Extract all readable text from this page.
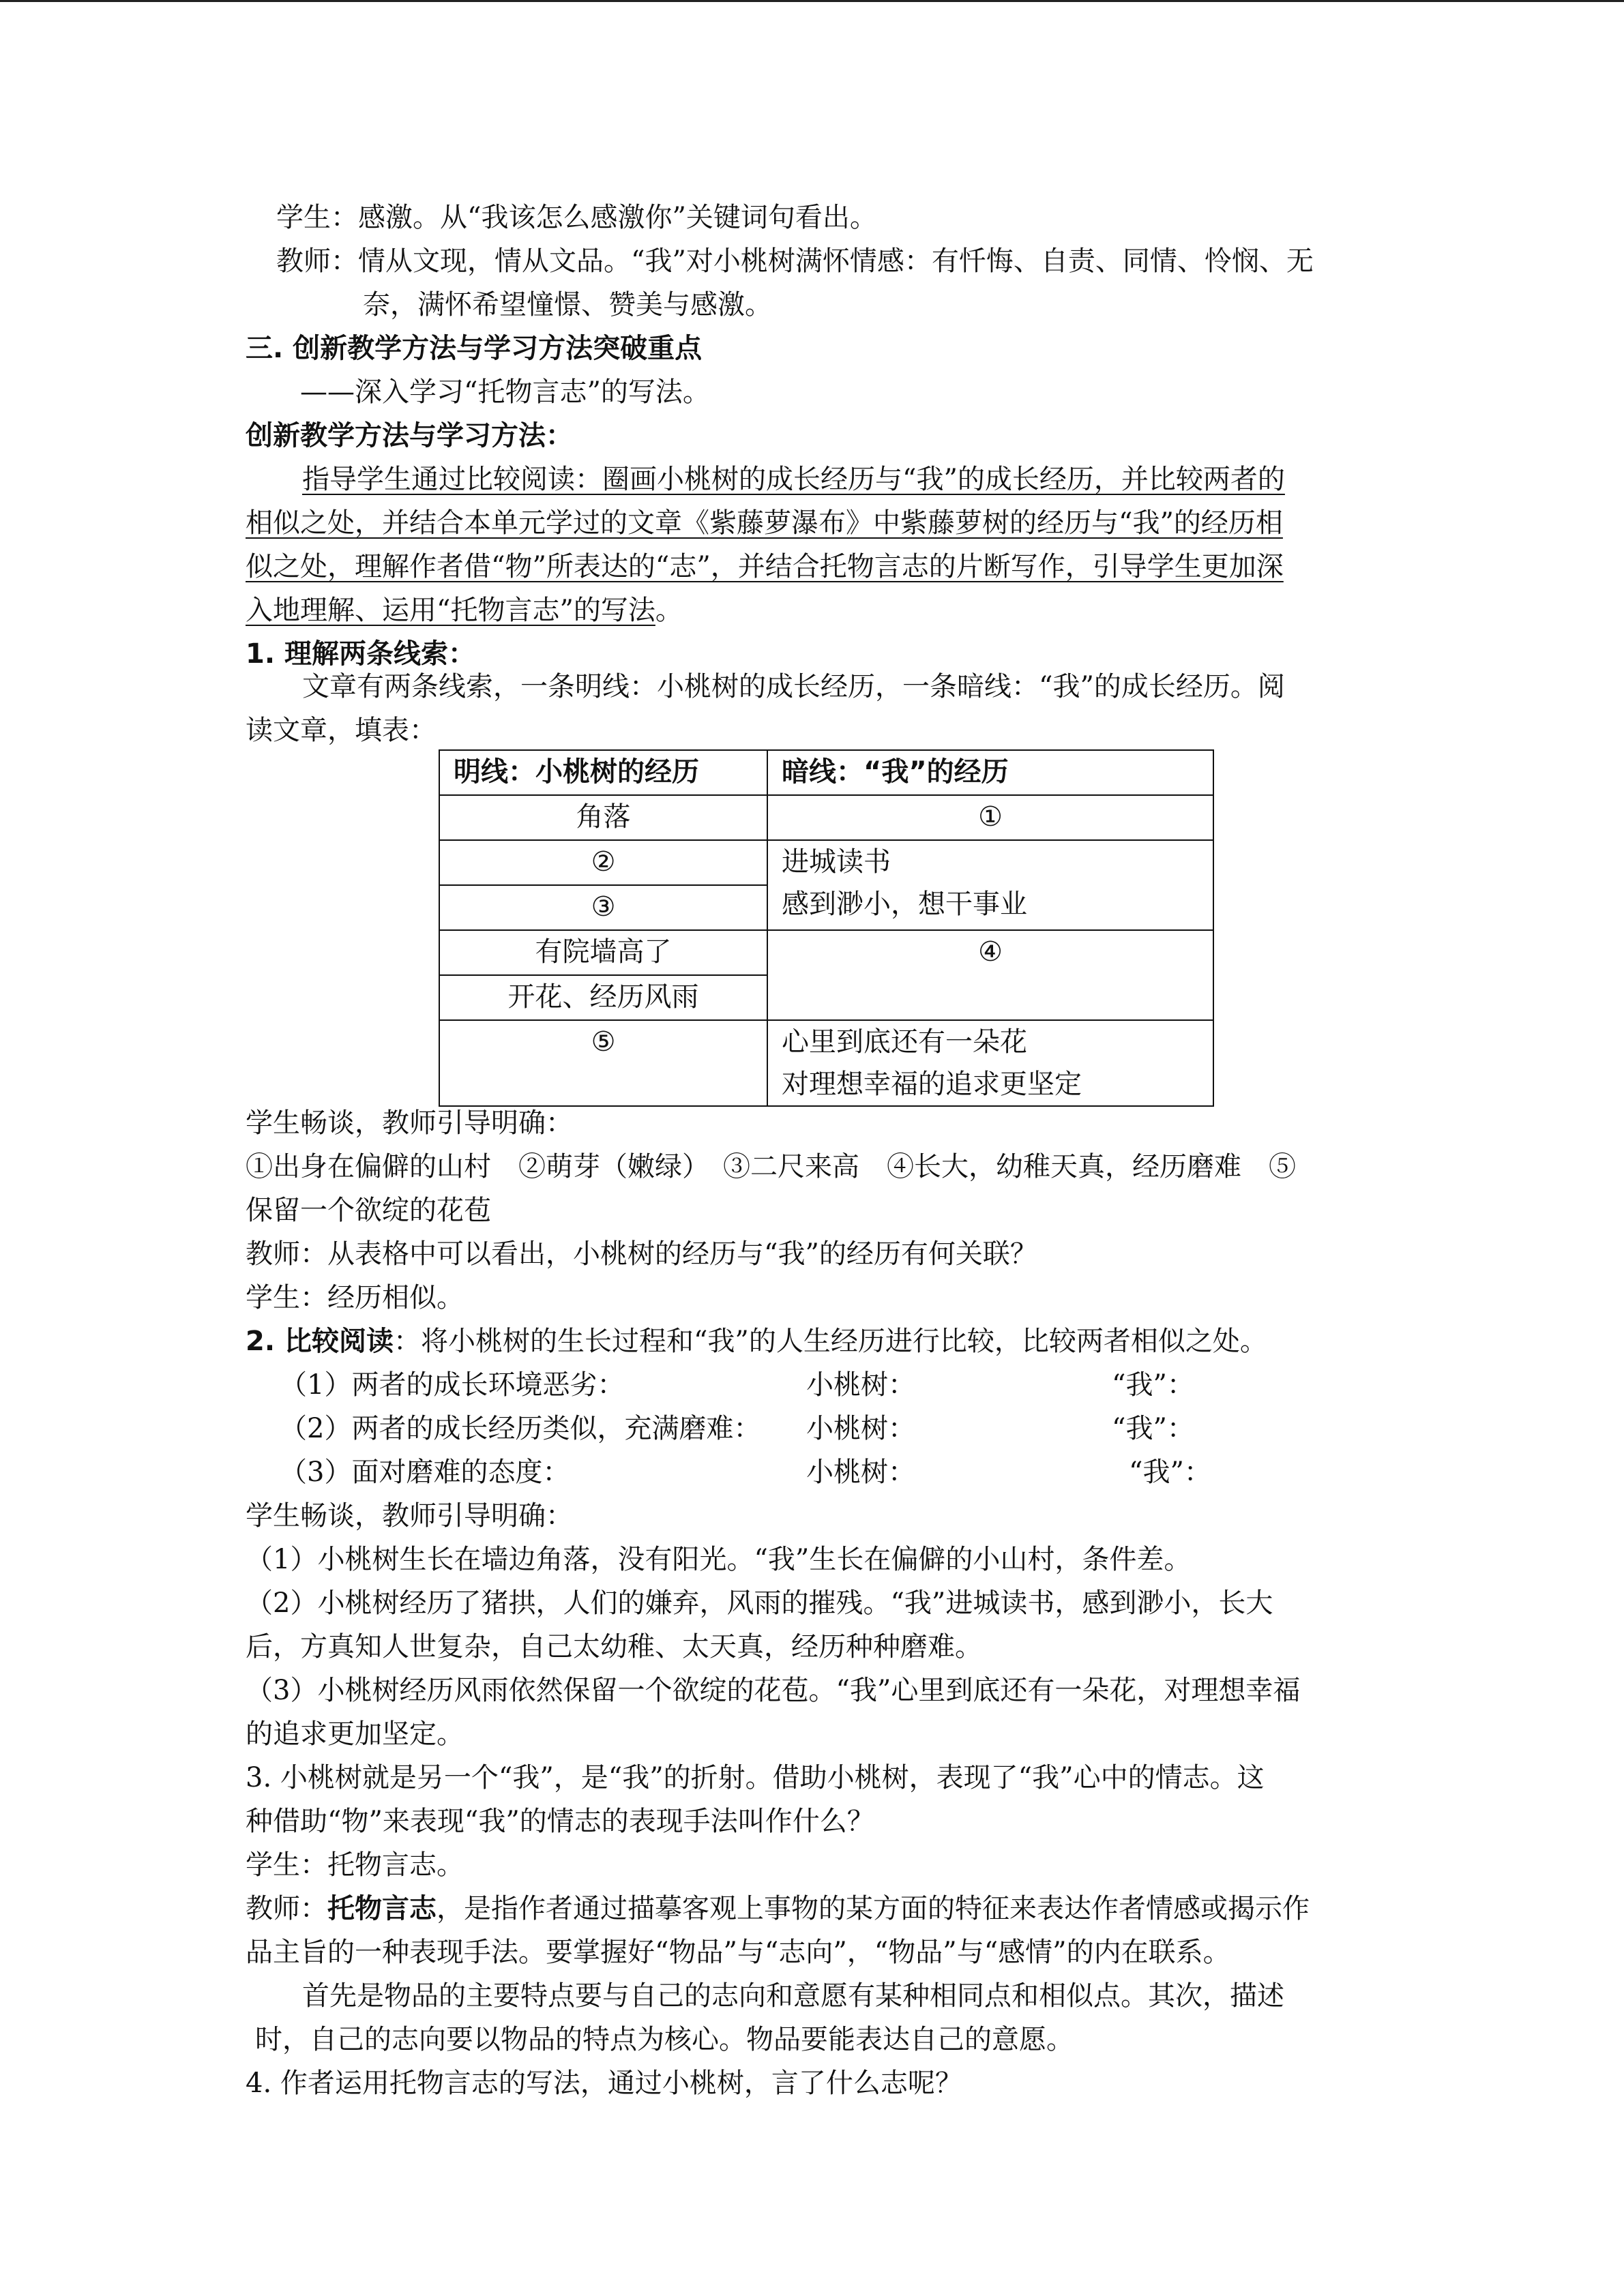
学生：感激。从“我该怎么感激你”关键词句看出。
教师：情从文现，情从文品。“我”对小桃树满怀情感：有忏悔、自责、同情、怜悯、无
奈，满怀希望憧憬、赞美与感激。
三. 创新教学方法与学习方法突破重点
——深入学习“托物言志”的写法。
创新教学方法与学习方法：
指导学生通过比较阅读：圈画小桃树的成长经历与“我”的成长经历，并比较两者的
相似之处，并结合本单元学过的文章《紫藤萝瀑布》中紫藤萝树的经历与“我”的经历相
似之处，理解作者借“物”所表达的“志”，并结合托物言志的片断写作，引导学生更加深
入地理解、运用“托物言志”的写法。
1. 理解两条线索：
文章有两条线索，一条明线：小桃树的成长经历，一条暗线：“我”的成长经历。阅
读文章，填表：
明线：小桃树的经历	暗线：“我”的经历
角落	①
②	进城读书
感到渺小，想干事业

③	
有院墙高了	④
开花、经历风雨	
⑤	心里到底还有一朵花
对理想幸福的追求更坚定
学生畅谈，教师引导明确：
①出身在偏僻的山村　②萌芽（嫩绿）　③二尺来高　④长大，幼稚天真，经历磨难　⑤
保留一个欲绽的花苞
教师：从表格中可以看出，小桃树的经历与“我”的经历有何关联？
学生：经历相似。
2. 比较阅读：将小桃树的生长过程和“我”的人生经历进行比较，比较两者相似之处。
（1）两者的成长环境恶劣：	小桃树：	“我”：
（2）两者的成长经历类似，充满磨难： 小桃树：	“我”：
（3）面对磨难的态度：	小桃树：	“我”：
学生畅谈，教师引导明确：
（1）小桃树生长在墙边角落，没有阳光。“我”生长在偏僻的小山村，条件差。
（2）小桃树经历了猪拱，人们的嫌弃，风雨的摧残。“我”进城读书，感到渺小，长大
后，方真知人世复杂，自己太幼稚、太天真，经历种种磨难。
（3）小桃树经历风雨依然保留一个欲绽的花苞。“我”心里到底还有一朵花，对理想幸福
的追求更加坚定。
3. 小桃树就是另一个“我”，是“我”的折射。借助小桃树，表现了“我”心中的情志。这
种借助“物”来表现“我”的情志的表现手法叫作什么？
学生：托物言志。
教师：托物言志，是指作者通过描摹客观上事物的某方面的特征来表达作者情感或揭示作
品主旨的一种表现手法。要掌握好“物品”与“志向”，“物品”与“感情”的内在联系。
首先是物品的主要特点要与自己的志向和意愿有某种相同点和相似点。其次，描述
时，自己的志向要以物品的特点为核心。物品要能表达自己的意愿。
4. 作者运用托物言志的写法，通过小桃树，言了什么志呢？
